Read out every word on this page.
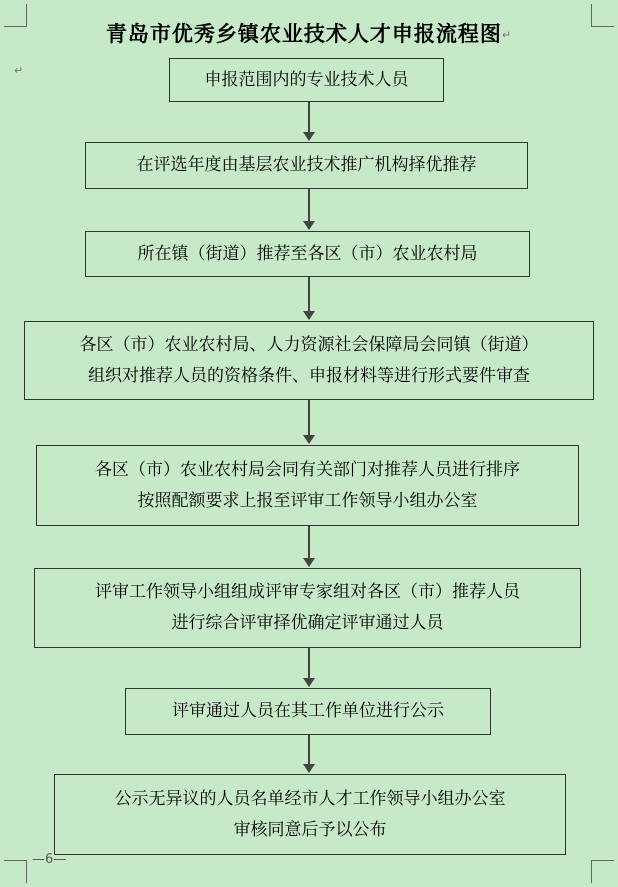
青岛市优秀乡镇农业技术人才申报流程图↵
↵	申报范围内的专业技术人员
在评选年度由基层农业技术推广机构择优推荐
所在镇（街道）推荐至各区（市）农业农村局
各区（市）农业农村局、人力资源社会保障局会同镇（街道）
组织对推荐人员的资格条件、申报材料等进行形式要件审查
各区（市）农业农村局会同有关部门对推荐人员进行排序
按照配额要求上报至评审工作领导小组办公室
评审工作领导小组组成评审专家组对各区（市）推荐人员
进行综合评审择优确定评审通过人员
评审通过人员在其工作单位进行公示
公示无异议的人员名单经市人才工作领导小组办公室
审核同意后予以公布
—6—
